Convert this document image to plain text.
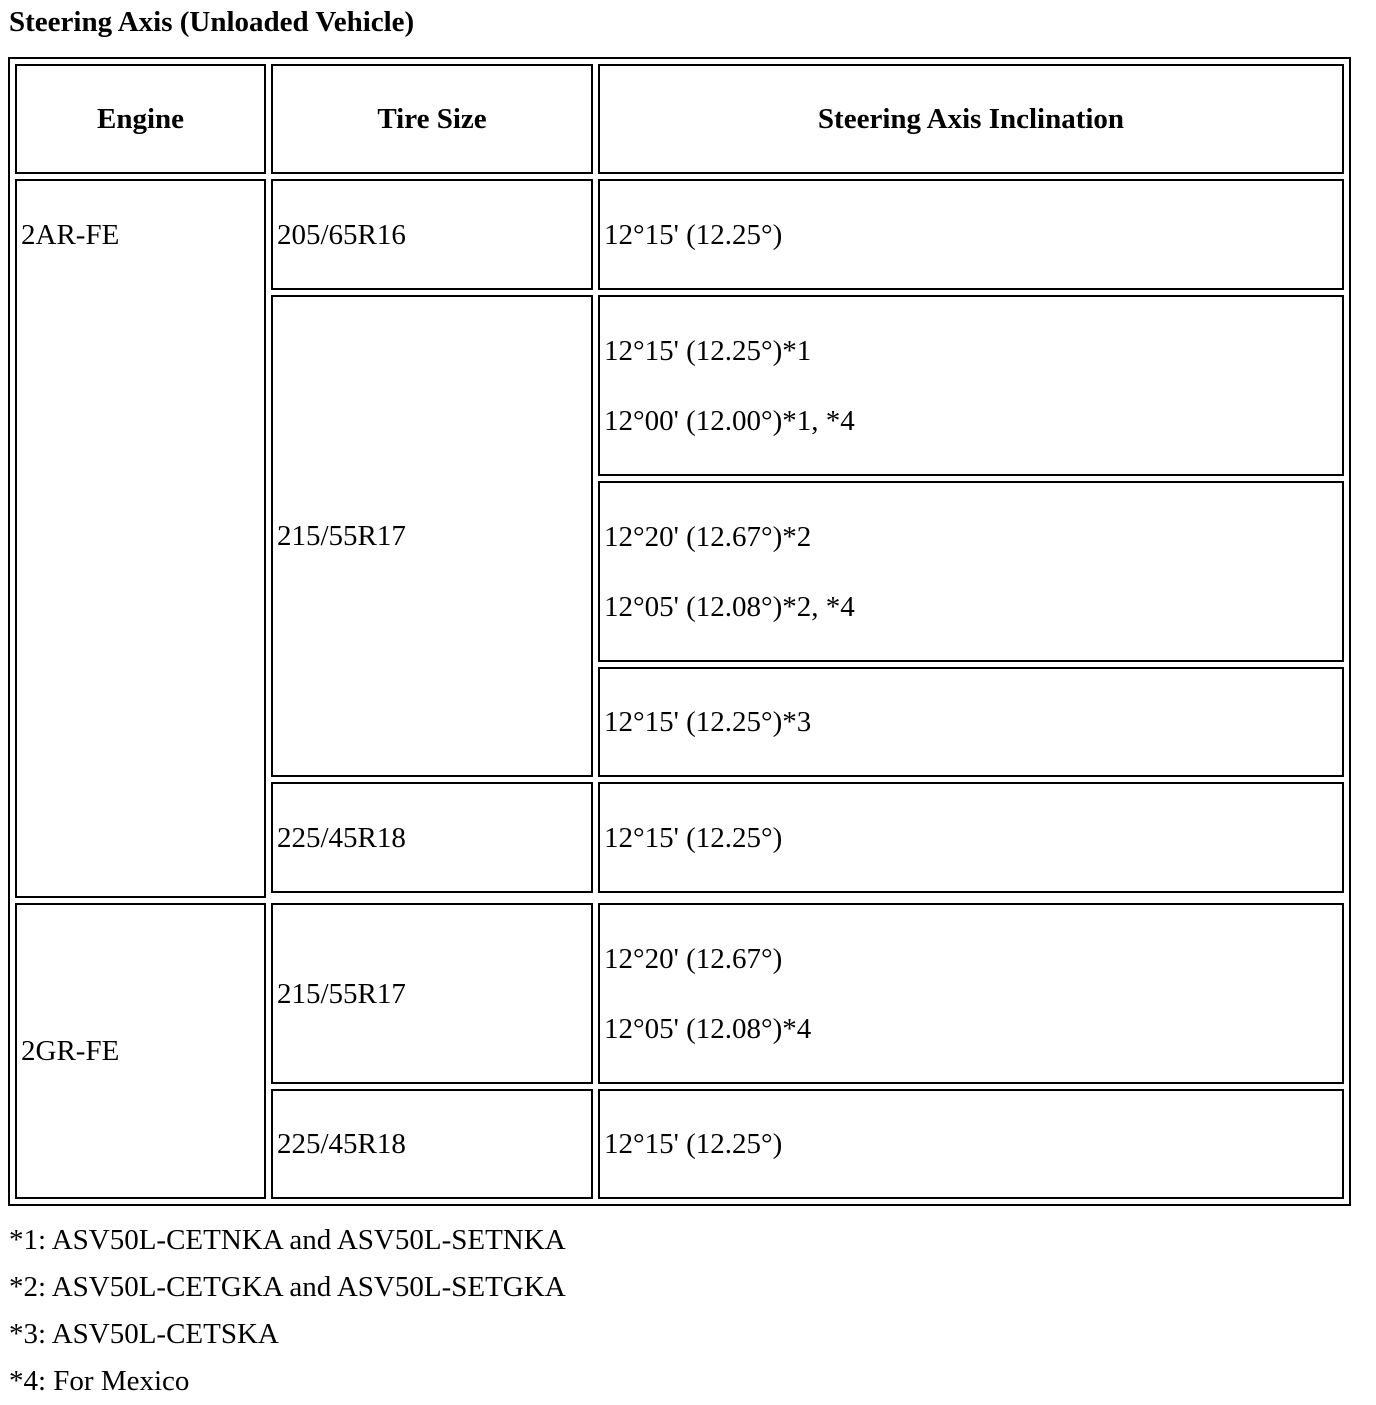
Steering Axis (Unloaded Vehicle)
Engine	Tire Size	Steering Axis Inclination
2AR-FE	205/65R16	12°15' (12.25°)

	215/55R17	12°15' (12.25°)*1
12°00' (12.00°)*1, *4

		12°20' (12.67°)*2
12°05' (12.08°)*2, *4

		12°15' (12.25°)*3

	225/45R18	12°15' (12.25°)

2GR-FE	215/55R17	12°20' (12.67°)
12°05' (12.08°)*4

	225/45R18	12°15' (12.25°)
*1: ASV50L-CETNKA and ASV50L-SETNKA
*2: ASV50L-CETGKA and ASV50L-SETGKA
*3: ASV50L-CETSKA
*4: For Mexico
